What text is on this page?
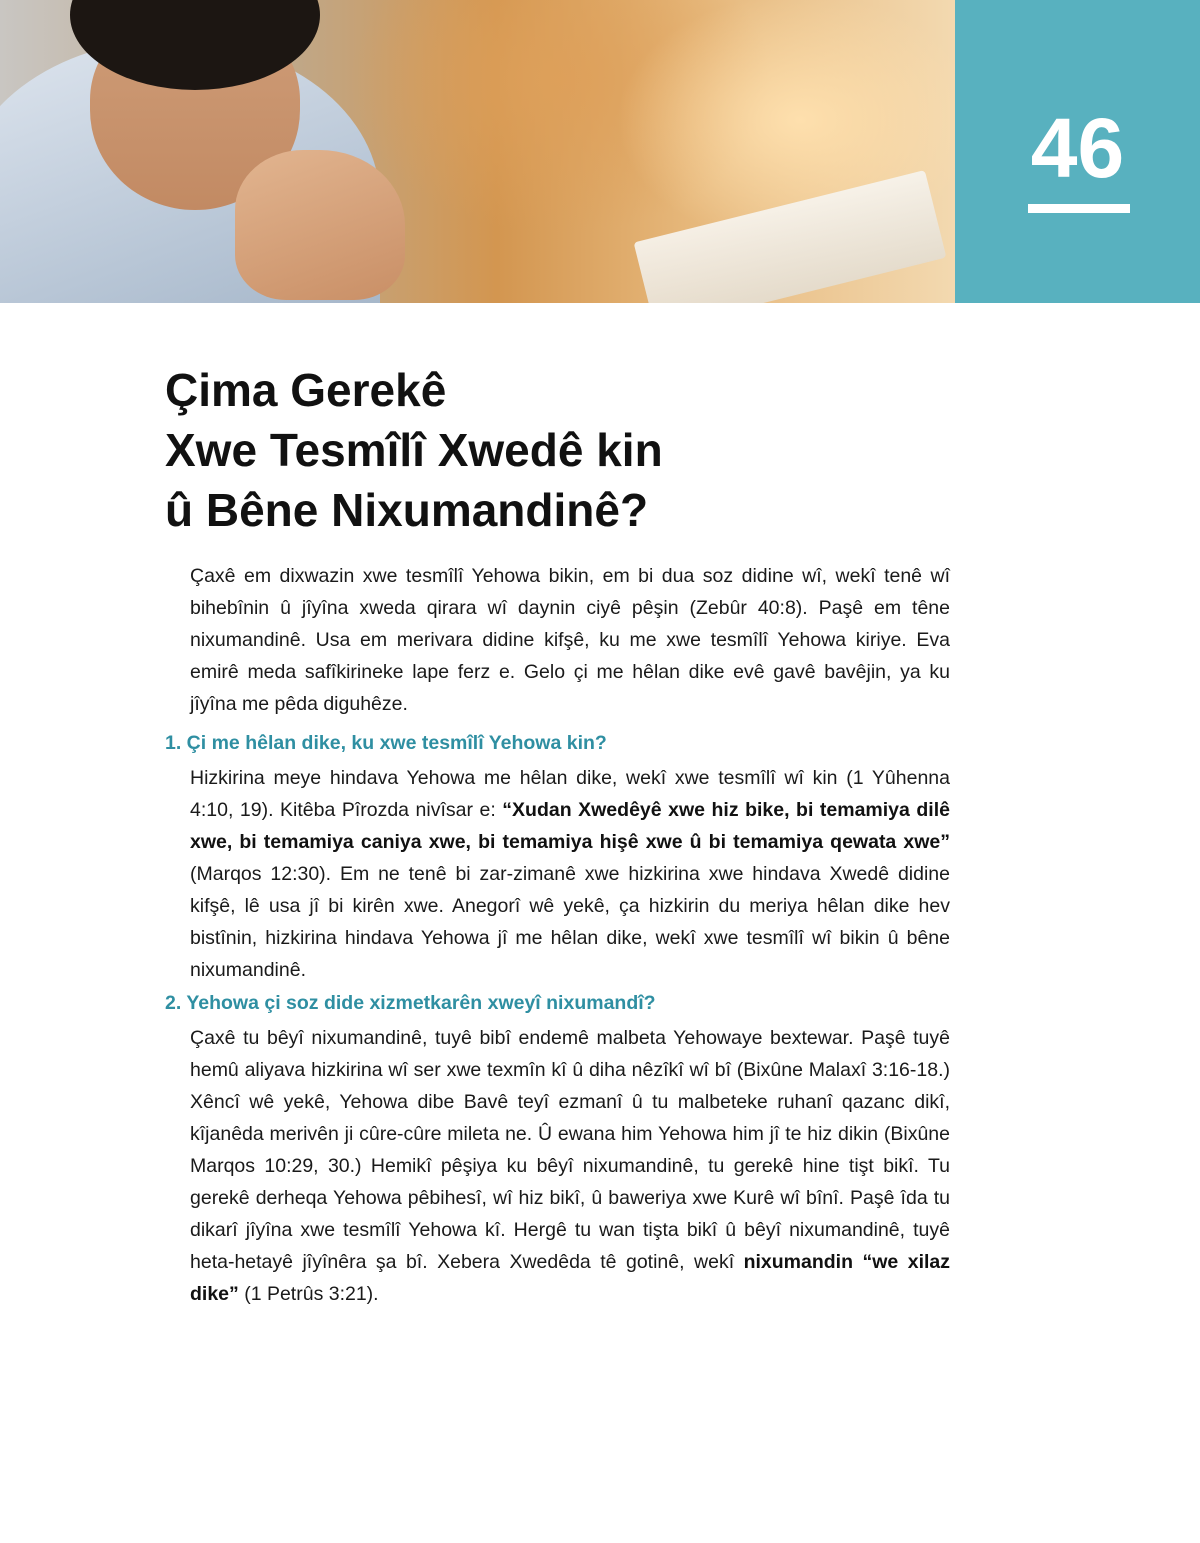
46
Çima Gerekê
Xwe Tesmîlî Xwedê kin
û Bêne Nixumandinê?

Çaxê em dixwazin xwe tesmîlî Yehowa bikin, em bi dua soz didine wî, wekî tenê wî bihebînin û jîyîna xweda qirara wî daynin ciyê pêşin (Zebûr 40:8). Paşê em têne nixumandinê. Usa em merivara didine kifşê, ku me xwe tesmîlî Yehowa kiriye. Eva emirê meda safîkirineke lape ferz e. Gelo çi me hêlan dike evê gavê bavêjin, ya ku jîyîna me pêda diguhêze.

1. Çi me hêlan dike, ku xwe tesmîlî Yehowa kin?

Hizkirina meye hindava Yehowa me hêlan dike, wekî xwe tesmîlî wî kin (1 Yûhenna 4:10, 19). Kitêba Pîrozda nivîsar e: “Xudan Xwedêyê xwe hiz bike, bi temamiya dilê xwe, bi temamiya caniya xwe, bi temamiya hişê xwe û bi temamiya qewata xwe” (Marqos 12:30). Em ne tenê bi zar-zimanê xwe hizkirina xwe hindava Xwedê didine kifşê, lê usa jî bi kirên xwe. Anegorî wê yekê, ça hizkirin du meriya hêlan dike hev bistînin, hizkirina hindava Yehowa jî me hêlan dike, wekî xwe tesmîlî wî bikin û bêne nixumandinê.

2. Yehowa çi soz dide xizmetkarên xweyî nixumandî?

Çaxê tu bêyî nixumandinê, tuyê bibî endemê malbeta Yehowaye bextewar. Paşê tuyê hemû aliyava hizkirina wî ser xwe texmîn kî û diha nêzîkî wî bî (Bixûne Malaxî 3:16-18.) Xêncî wê yekê, Yehowa dibe Bavê teyî ezmanî û tu malbeteke ruhanî qazanc dikî, kîjanêda merivên ji cûre-cûre mileta ne. Û ewana him Yehowa him jî te hiz dikin (Bixûne Marqos 10:29, 30.) Hemikî pêşiya ku bêyî nixumandinê, tu gerekê hine tişt bikî. Tu gerekê derheqa Yehowa pêbihesî, wî hiz bikî, û baweriya xwe Kurê wî bînî. Paşê îda tu dikarî jîyîna xwe tesmîlî Yehowa kî. Hergê tu wan tişta bikî û bêyî nixumandinê, tuyê heta-hetayê jîyînêra şa bî. Xebera Xwedêda tê gotinê, wekî nixumandin “we xilaz dike” (1 Petrûs 3:21).
